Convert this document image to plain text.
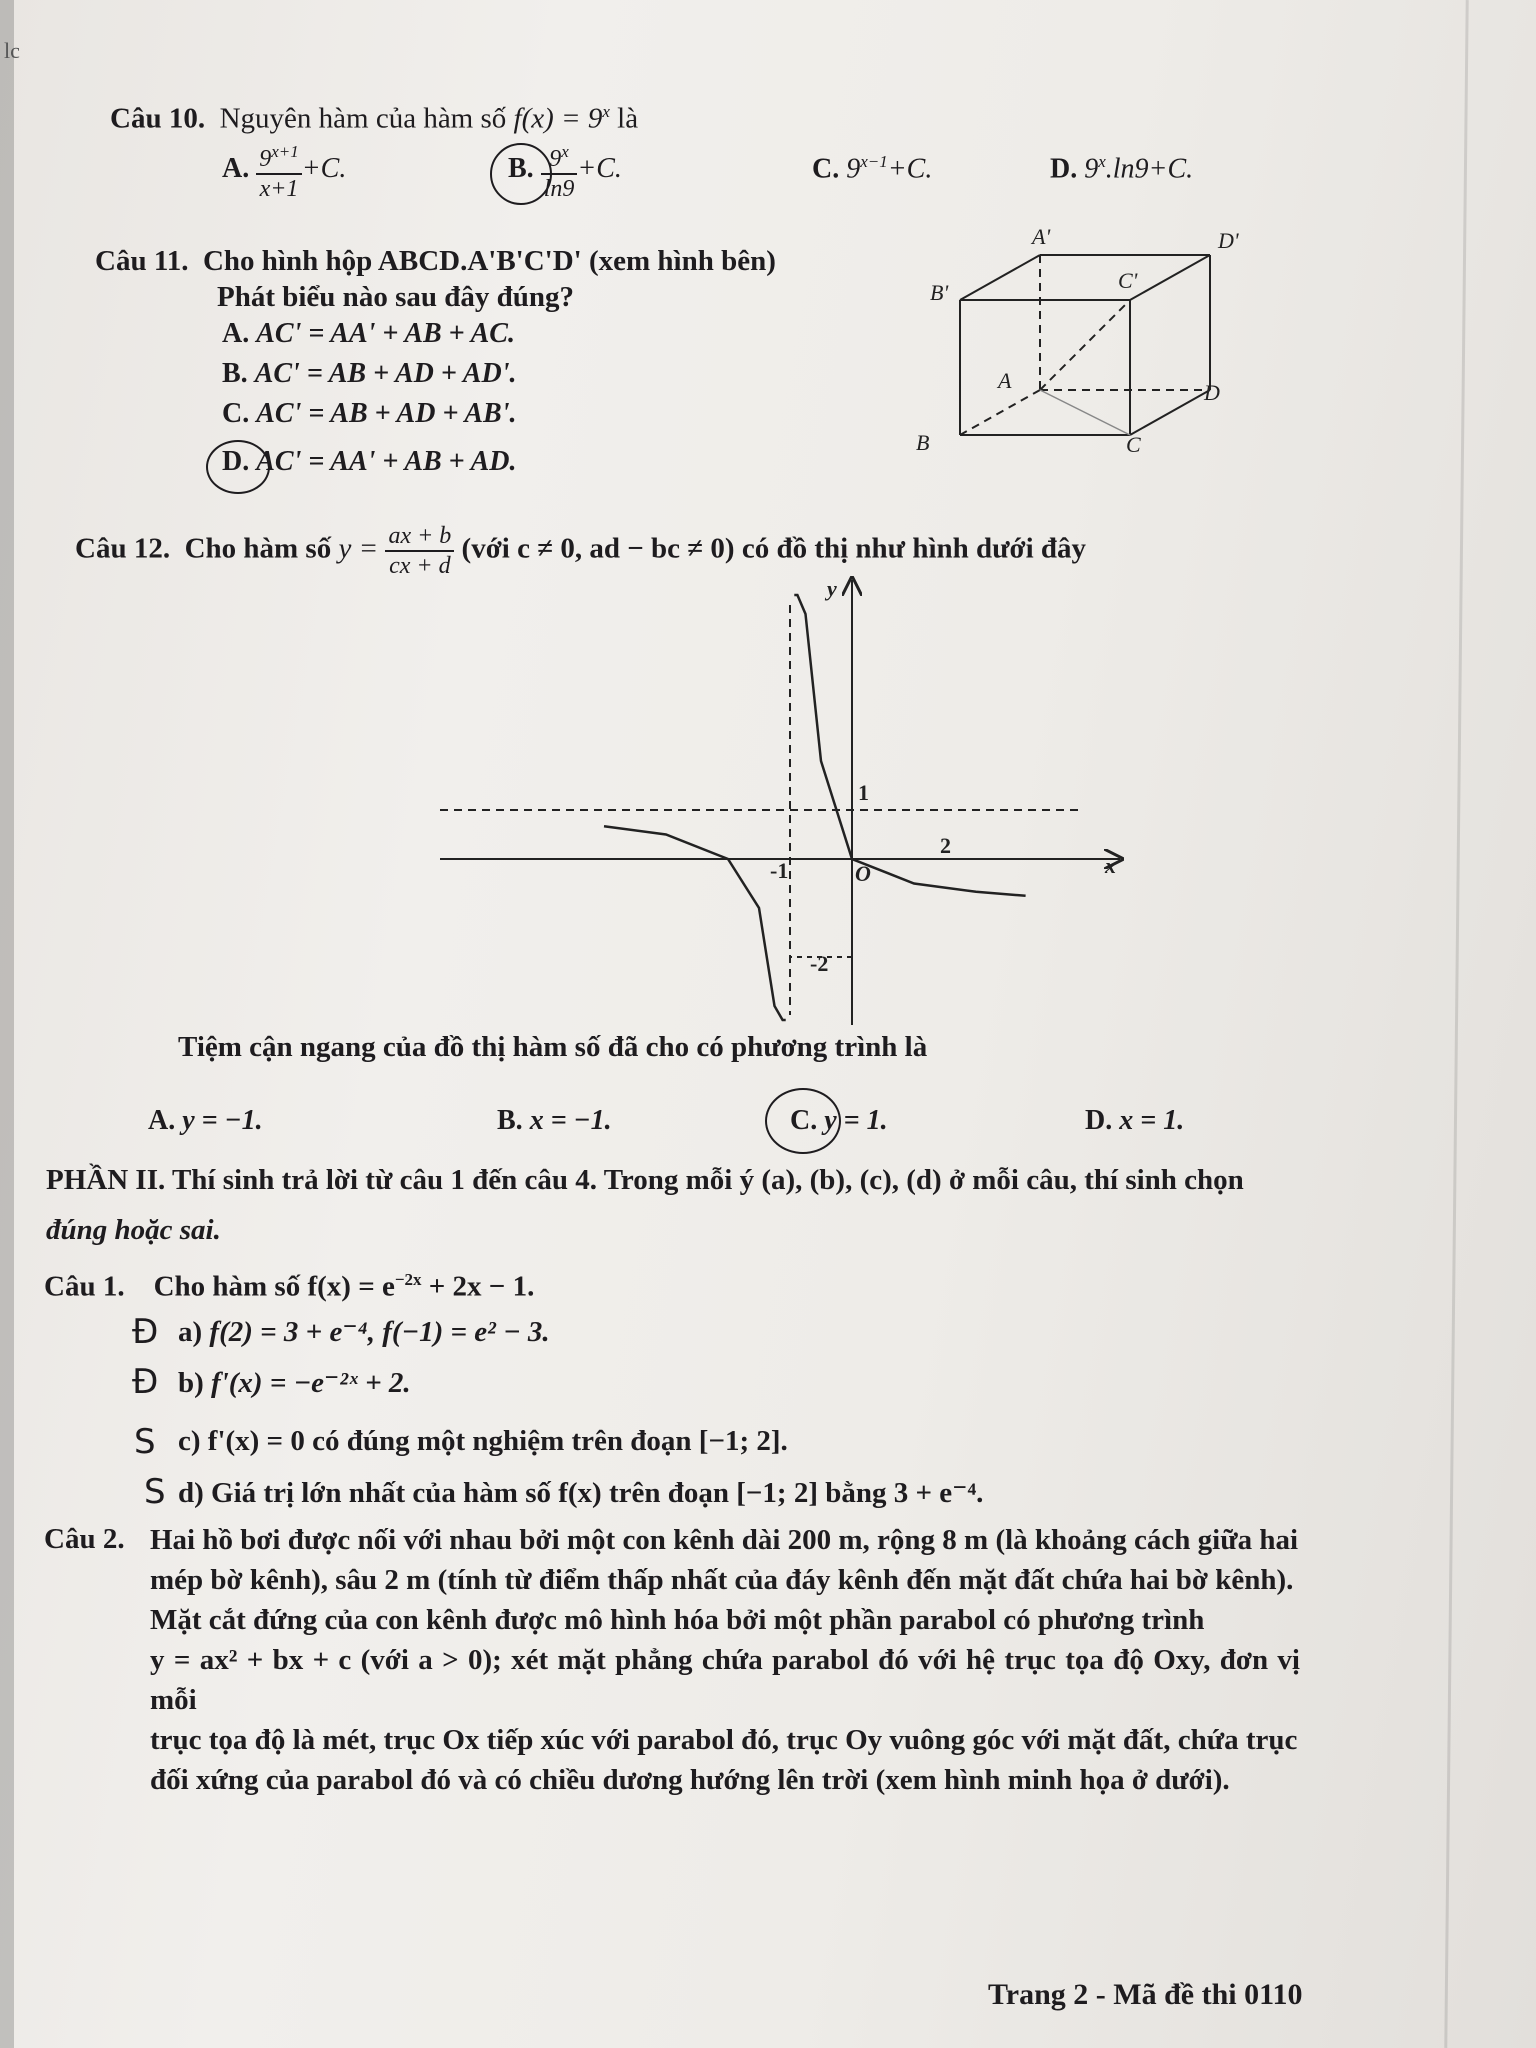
lc
Câu 10. Nguyên hàm của hàm số $f(x) = 9^x$ là
A. $\frac{9^{x+1}}{x+1} +C$.	B. $\frac{9^x}{\ln 9} +C$.	C. $9^{x-1}+C$.	D. $9^x.\ln 9+C$.
Câu 11. Cho hình hộp ABCD.A'B'C'D' (xem hình bên)
Phát biểu nào sau đây đúng?
A. AC' = AA' + AB + AC.
B. AC' = AB + AD + AD'.
C. AC' = AB + AD + AB'.
D. AC' = AA' + AB + AD.
A'	D'
B'	C'
A	D
B	C
Câu 12. Cho hàm số $y = \frac{ax + b}{cx + d}$ (với c ≠ 0, ad − bc ≠ 0) có đồ thị như hình dưới đây
y
x
1
-2
-1
2
O
Tiệm cận ngang của đồ thị hàm số đã cho có phương trình là
A. y = −1.	B. x = −1.	C. y = 1.	D. x = 1.
PHẦN II. Thí sinh trả lời từ câu 1 đến câu 4. Trong mỗi ý (a), (b), (c), (d) ở mỗi câu, thí sinh chọn
đúng hoặc sai.
Câu 1. Cho hàm số $f(x) = e^{-2x} + 2x - 1$.
Đ a) f(2) = 3 + e⁻⁴, f(−1) = e² − 3.
Đ b) f'(x) = −e⁻²ˣ + 2.
S c) f'(x) = 0 có đúng một nghiệm trên đoạn [−1; 2].
S d) Giá trị lớn nhất của hàm số f(x) trên đoạn [−1; 2] bằng 3 + e⁻⁴.
Câu 2. Hai hồ bơi được nối với nhau bởi một con kênh dài 200 m, rộng 8 m (là khoảng cách giữa hai
mép bờ kênh), sâu 2 m (tính từ điểm thấp nhất của đáy kênh đến mặt đất chứa hai bờ kênh).
Mặt cắt đứng của con kênh được mô hình hóa bởi một phần parabol có phương trình
y = ax² + bx + c (với a > 0); xét mặt phẳng chứa parabol đó với hệ trục tọa độ Oxy, đơn vị mỗi
trục tọa độ là mét, trục Ox tiếp xúc với parabol đó, trục Oy vuông góc với mặt đất, chứa trục
đối xứng của parabol đó và có chiều dương hướng lên trời (xem hình minh họa ở dưới).
Trang 2 - Mã đề thi 0110
